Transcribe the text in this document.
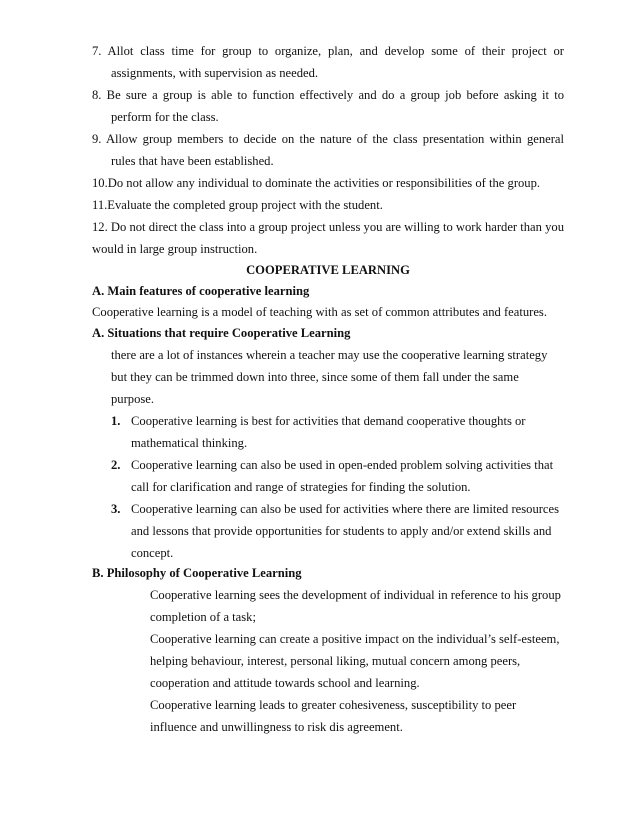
7. Allot class time for group to organize, plan, and develop some of their project or
assignments, with supervision as needed.
8. Be sure a group is able to function effectively and do a group job before asking it to
perform for the class.
9. Allow group members to decide on the nature of the class presentation within general
rules that have been established.
10.Do not allow any individual to dominate the activities or responsibilities of the group.
11.Evaluate the completed group project with the student.
12. Do not direct the class into a group project unless you are willing to work harder than you
would in large group instruction.
COOPERATIVE LEARNING
A. Main features of cooperative learning
Cooperative learning is a model of teaching with as set of common attributes and features.
A. Situations that require Cooperative Learning
there are a lot of instances wherein a teacher may use the cooperative learning strategy
but they can be trimmed down into three, since some of them fall under the same
purpose.
1. Cooperative learning is best for activities that demand cooperative thoughts or
mathematical thinking.
2. Cooperative learning can also be used in open-ended problem solving activities that
call for clarification and range of strategies for finding the solution.
3. Cooperative learning can also be used for activities where there are limited resources
and lessons that provide opportunities for students to apply and/or extend skills and
concept.
B. Philosophy of Cooperative Learning
Cooperative learning sees the development of individual in reference to his group
completion of a task;
Cooperative learning can create a positive impact on the individual’s self-esteem,
helping behaviour, interest, personal liking, mutual concern among peers,
cooperation and attitude towards school and learning.
Cooperative learning leads to greater cohesiveness, susceptibility to peer
influence and unwillingness to risk dis agreement.
